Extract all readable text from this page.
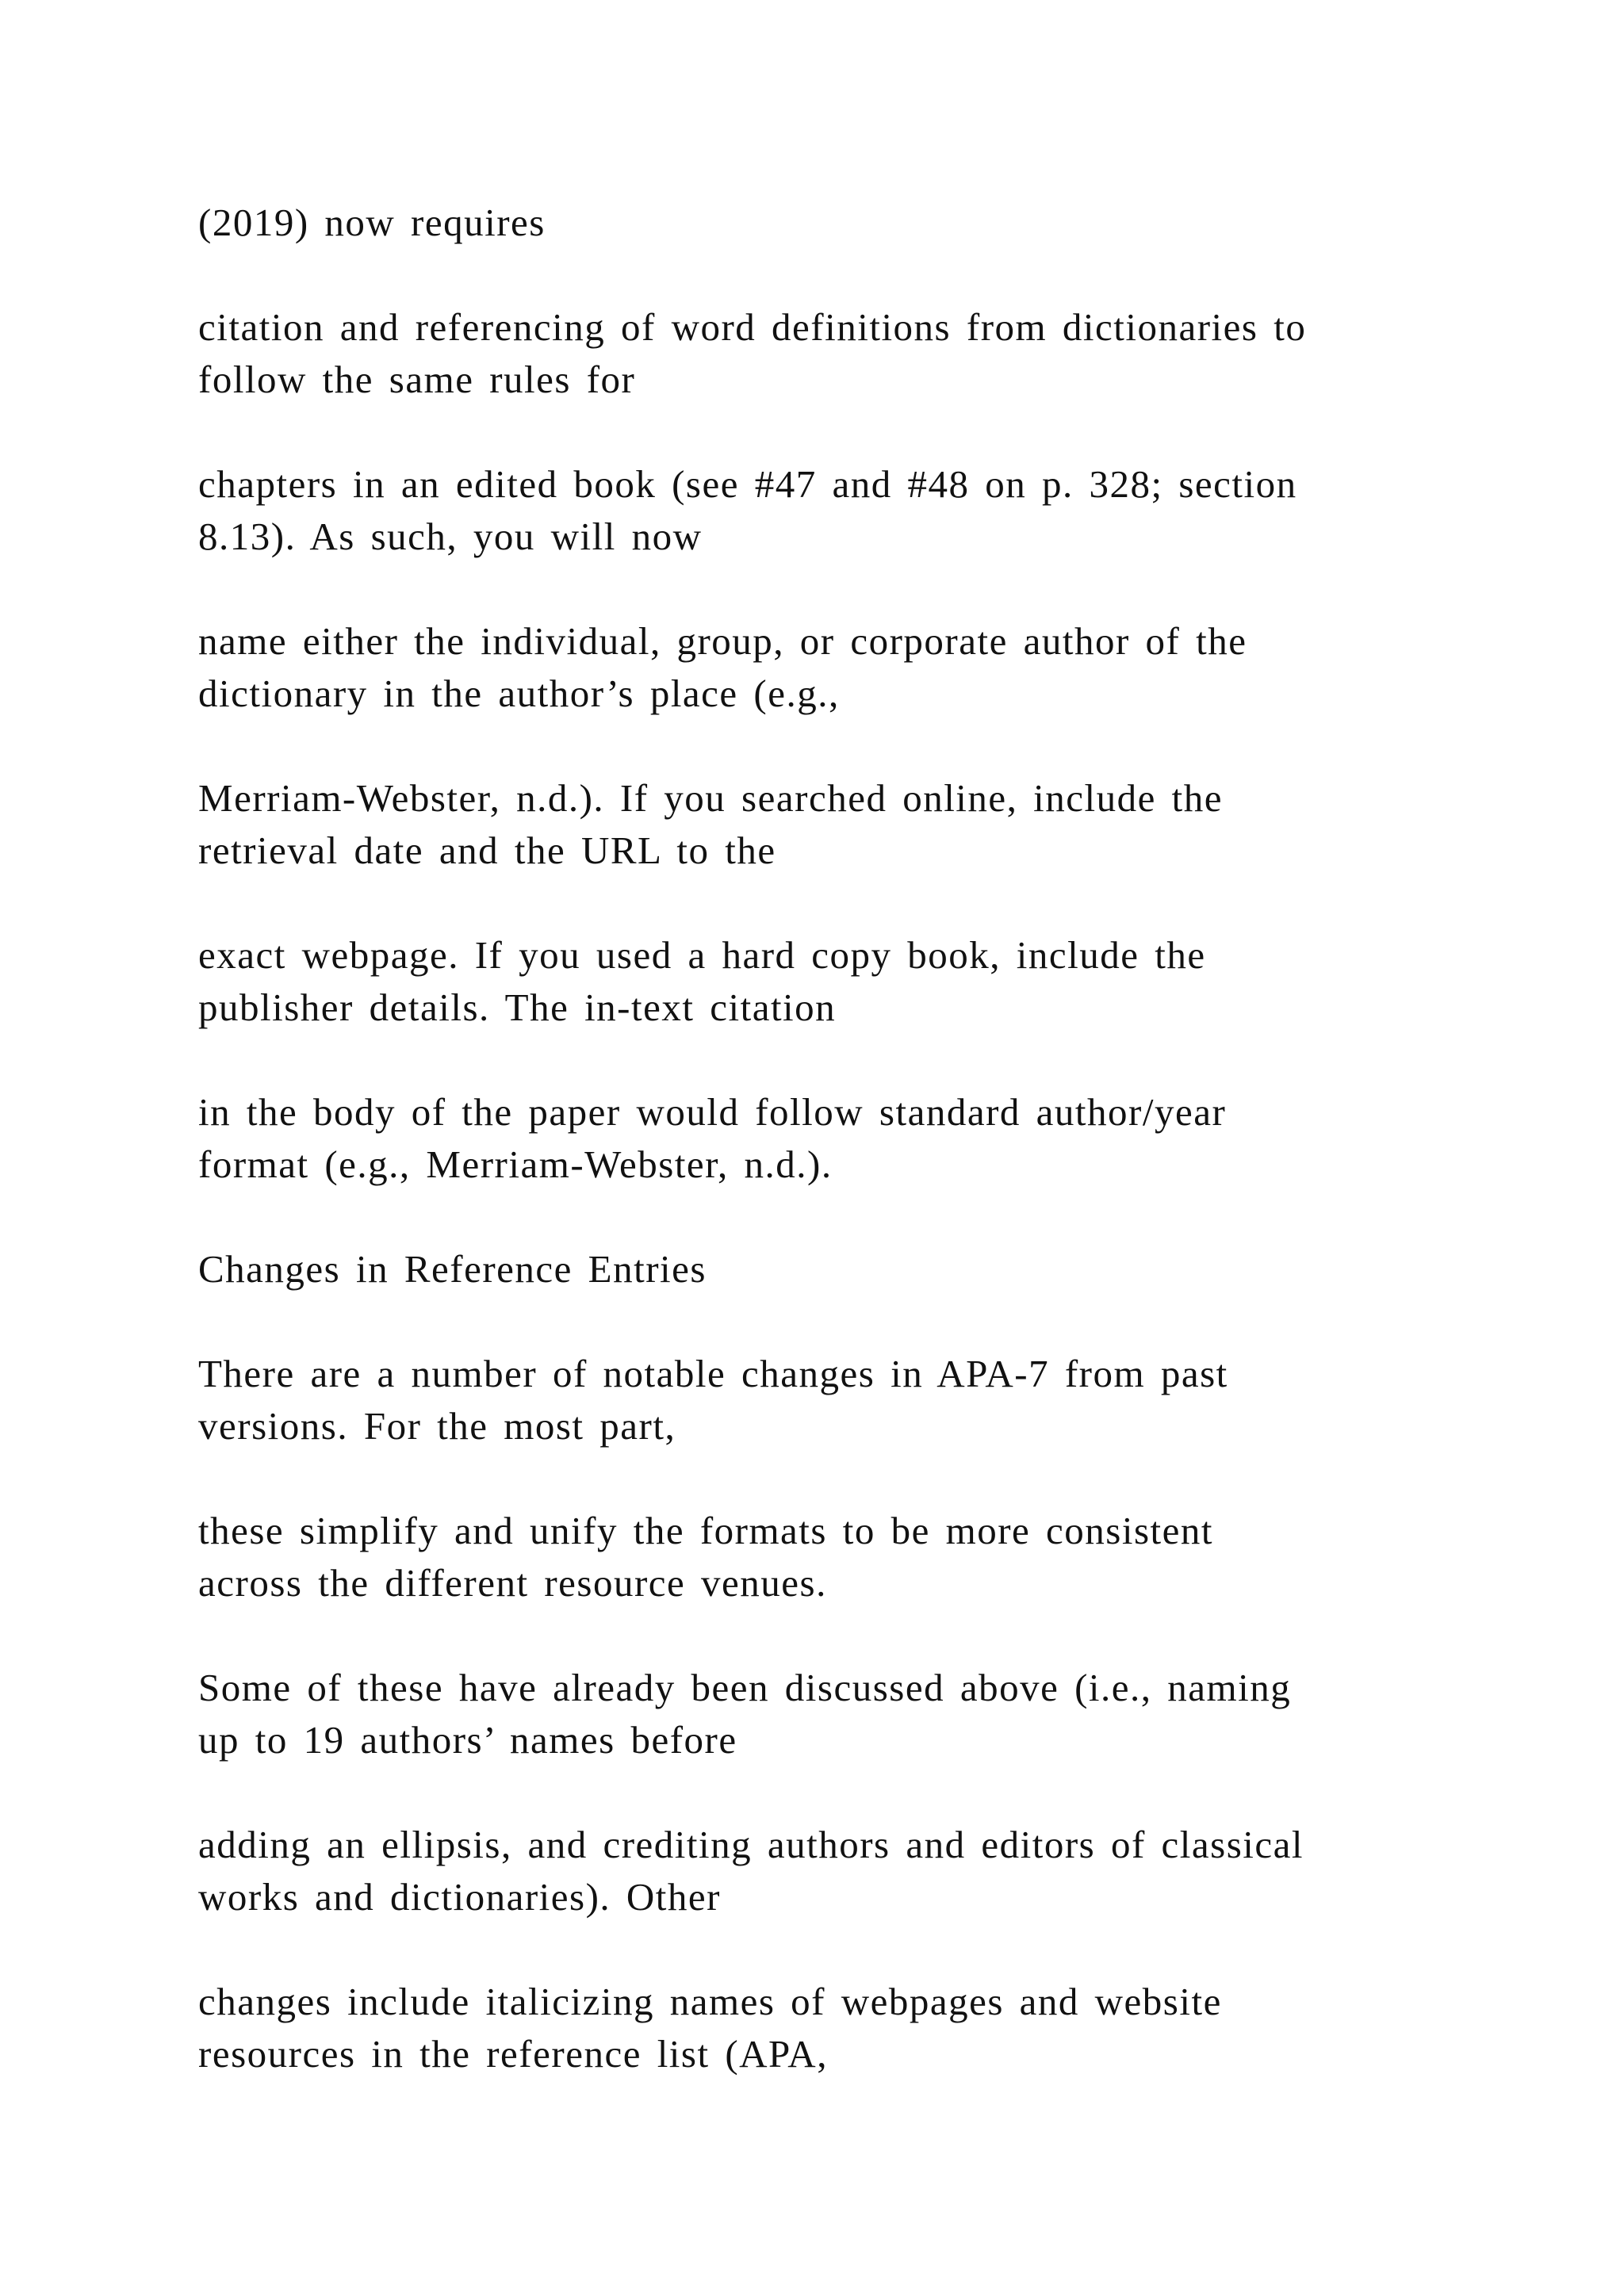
(2019) now requires
citation and referencing of word definitions from dictionaries to
follow the same rules for
chapters in an edited book (see #47 and #48 on p. 328; section
8.13). As such, you will now
name either the individual, group, or corporate author of the
dictionary in the author’s place (e.g.,
Merriam-Webster, n.d.). If you searched online, include the
retrieval date and the URL to the
exact webpage. If you used a hard copy book, include the
publisher details. The in-text citation
in the body of the paper would follow standard author/year
format (e.g., Merriam-Webster, n.d.).
Changes in Reference Entries
There are a number of notable changes in APA-7 from past
versions. For the most part,
these simplify and unify the formats to be more consistent
across the different resource venues.
Some of these have already been discussed above (i.e., naming
up to 19 authors’ names before
adding an ellipsis, and crediting authors and editors of classical
works and dictionaries). Other
changes include italicizing names of webpages and website
resources in the reference list (APA,
